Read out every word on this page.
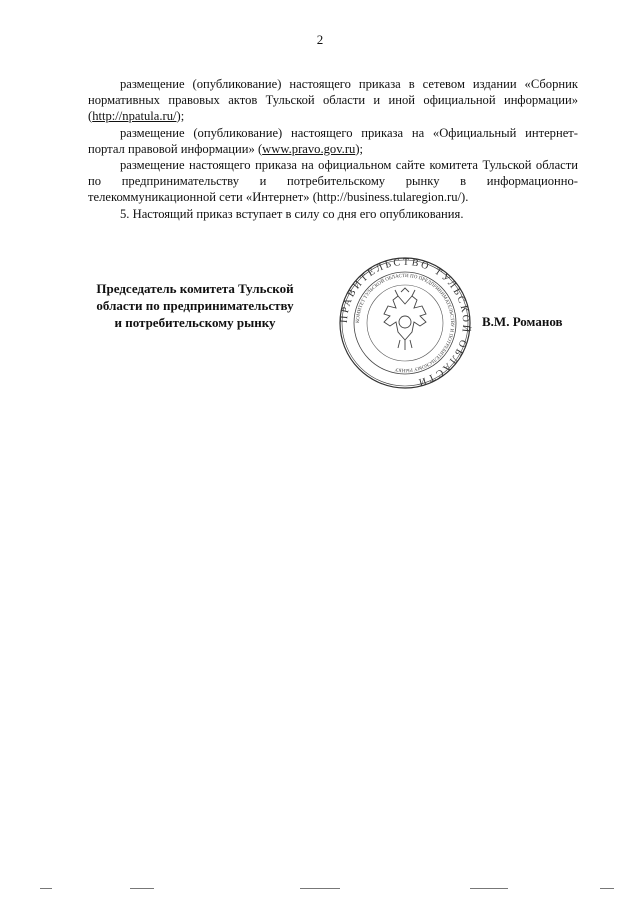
2

размещение (опубликование) настоящего приказа в сетевом издании «Сборник нормативных правовых актов Тульской области и иной официальной информации» (http://npatula.ru/);

размещение (опубликование) настоящего приказа на «Официальный интернет-портал правовой информации» (www.pravo.gov.ru);

размещение настоящего приказа на официальном сайте комитета Тульской области по предпринимательству и потребительскому рынку в информационно-телекоммуникационной сети «Интернет» (http://business.tularegion.ru/).

5. Настоящий приказ вступает в силу со дня его опубликования.

Председатель комитета Тульской
области по предпринимательству
и потребительскому рынку	ПРАВИТЕЛЬСТВО ТУЛЬСКОЙ ОБЛАСТИ
КОМИТЕТ ТУЛЬСКОЙ ОБЛАСТИ ПО ПРЕДПРИНИМАТЕЛЬСТВУ И ПОТРЕБИТЕЛЬСКОМУ РЫНКУ
В.М. Романов
